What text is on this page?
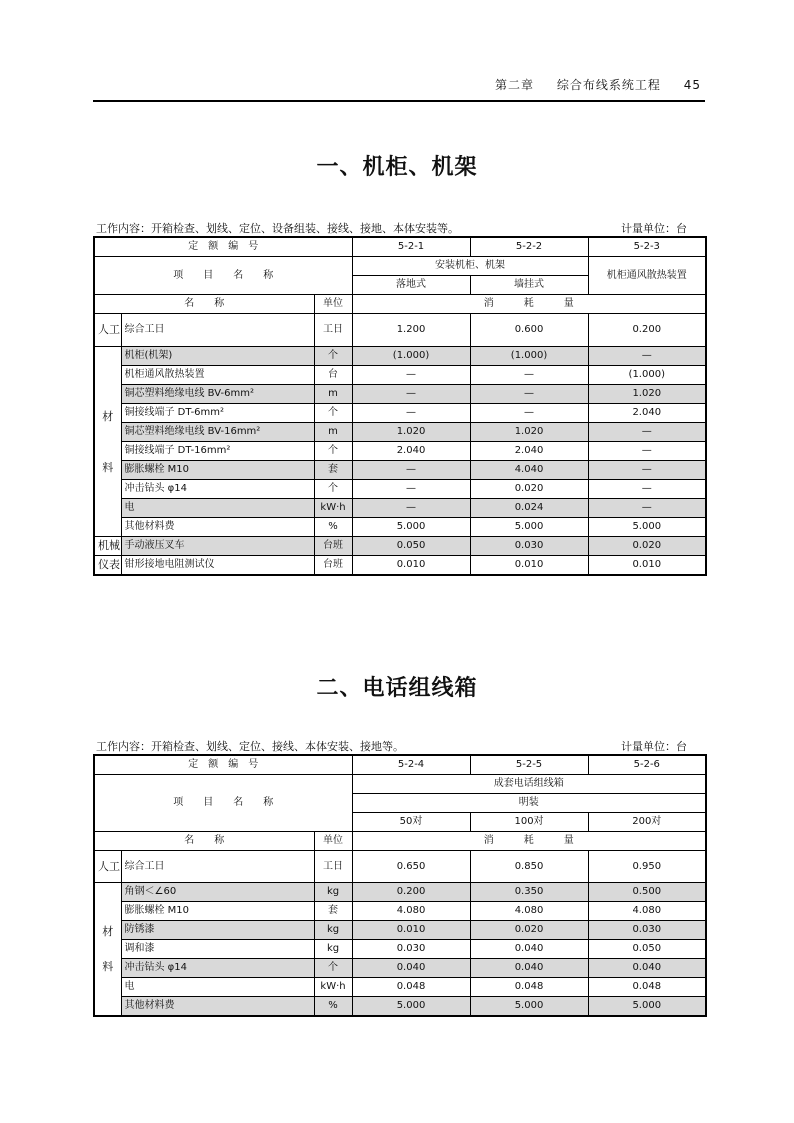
第二章 综合布线系统工程 45
一、机柜、机架
工作内容：开箱检查、划线、定位、设备组装、接线、接地、本体安装等。	计量单位：台
定　额　编　号			5-2-1	5-2-2	5-2-3
项　　目　　名　　称			安装机柜、机架		机柜通风散热装置
			落地式	墙挂式	
名　　称		单位	消　　　耗　　　量		
人工	综合工日	工日	1.200	0.600	0.200

材
料	机柜(机架)	个	(1.000)	(1.000)	—
	机柜通风散热装置	台	—	—	(1.000)
	铜芯塑料绝缘电线 BV-6mm²	m	—	—	1.020
	铜接线端子 DT-6mm²	个	—	—	2.040
	铜芯塑料绝缘电线 BV-16mm²	m	1.020	1.020	—
	铜接线端子 DT-16mm²	个	2.040	2.040	—
	膨胀螺栓 M10	套	—	4.040	—
	冲击钻头 φ14	个	—	0.020	—
	电	kW·h	—	0.024	—
	其他材料费	%	5.000	5.000	5.000
机械	手动液压叉车	台班	0.050	0.030	0.020
仪表	钳形接地电阻测试仪	台班	0.010	0.010	0.010
二、电话组线箱
工作内容：开箱检查、划线、定位、接线、本体安装、接地等。	计量单位：台
定　额　编　号			5-2-4	5-2-5	5-2-6
项　　目　　名　　称			成套电话组线箱		
			明装		
			50对	100对	200对
名　　称		单位	消　　　耗　　　量		
人工	综合工日	工日	0.650	0.850	0.950

材
料	角钢＜∠60	kg	0.200	0.350	0.500
	膨胀螺栓 M10	套	4.080	4.080	4.080
	防锈漆	kg	0.010	0.020	0.030
	调和漆	kg	0.030	0.040	0.050
	冲击钻头 φ14	个	0.040	0.040	0.040
	电	kW·h	0.048	0.048	0.048
	其他材料费	%	5.000	5.000	5.000
